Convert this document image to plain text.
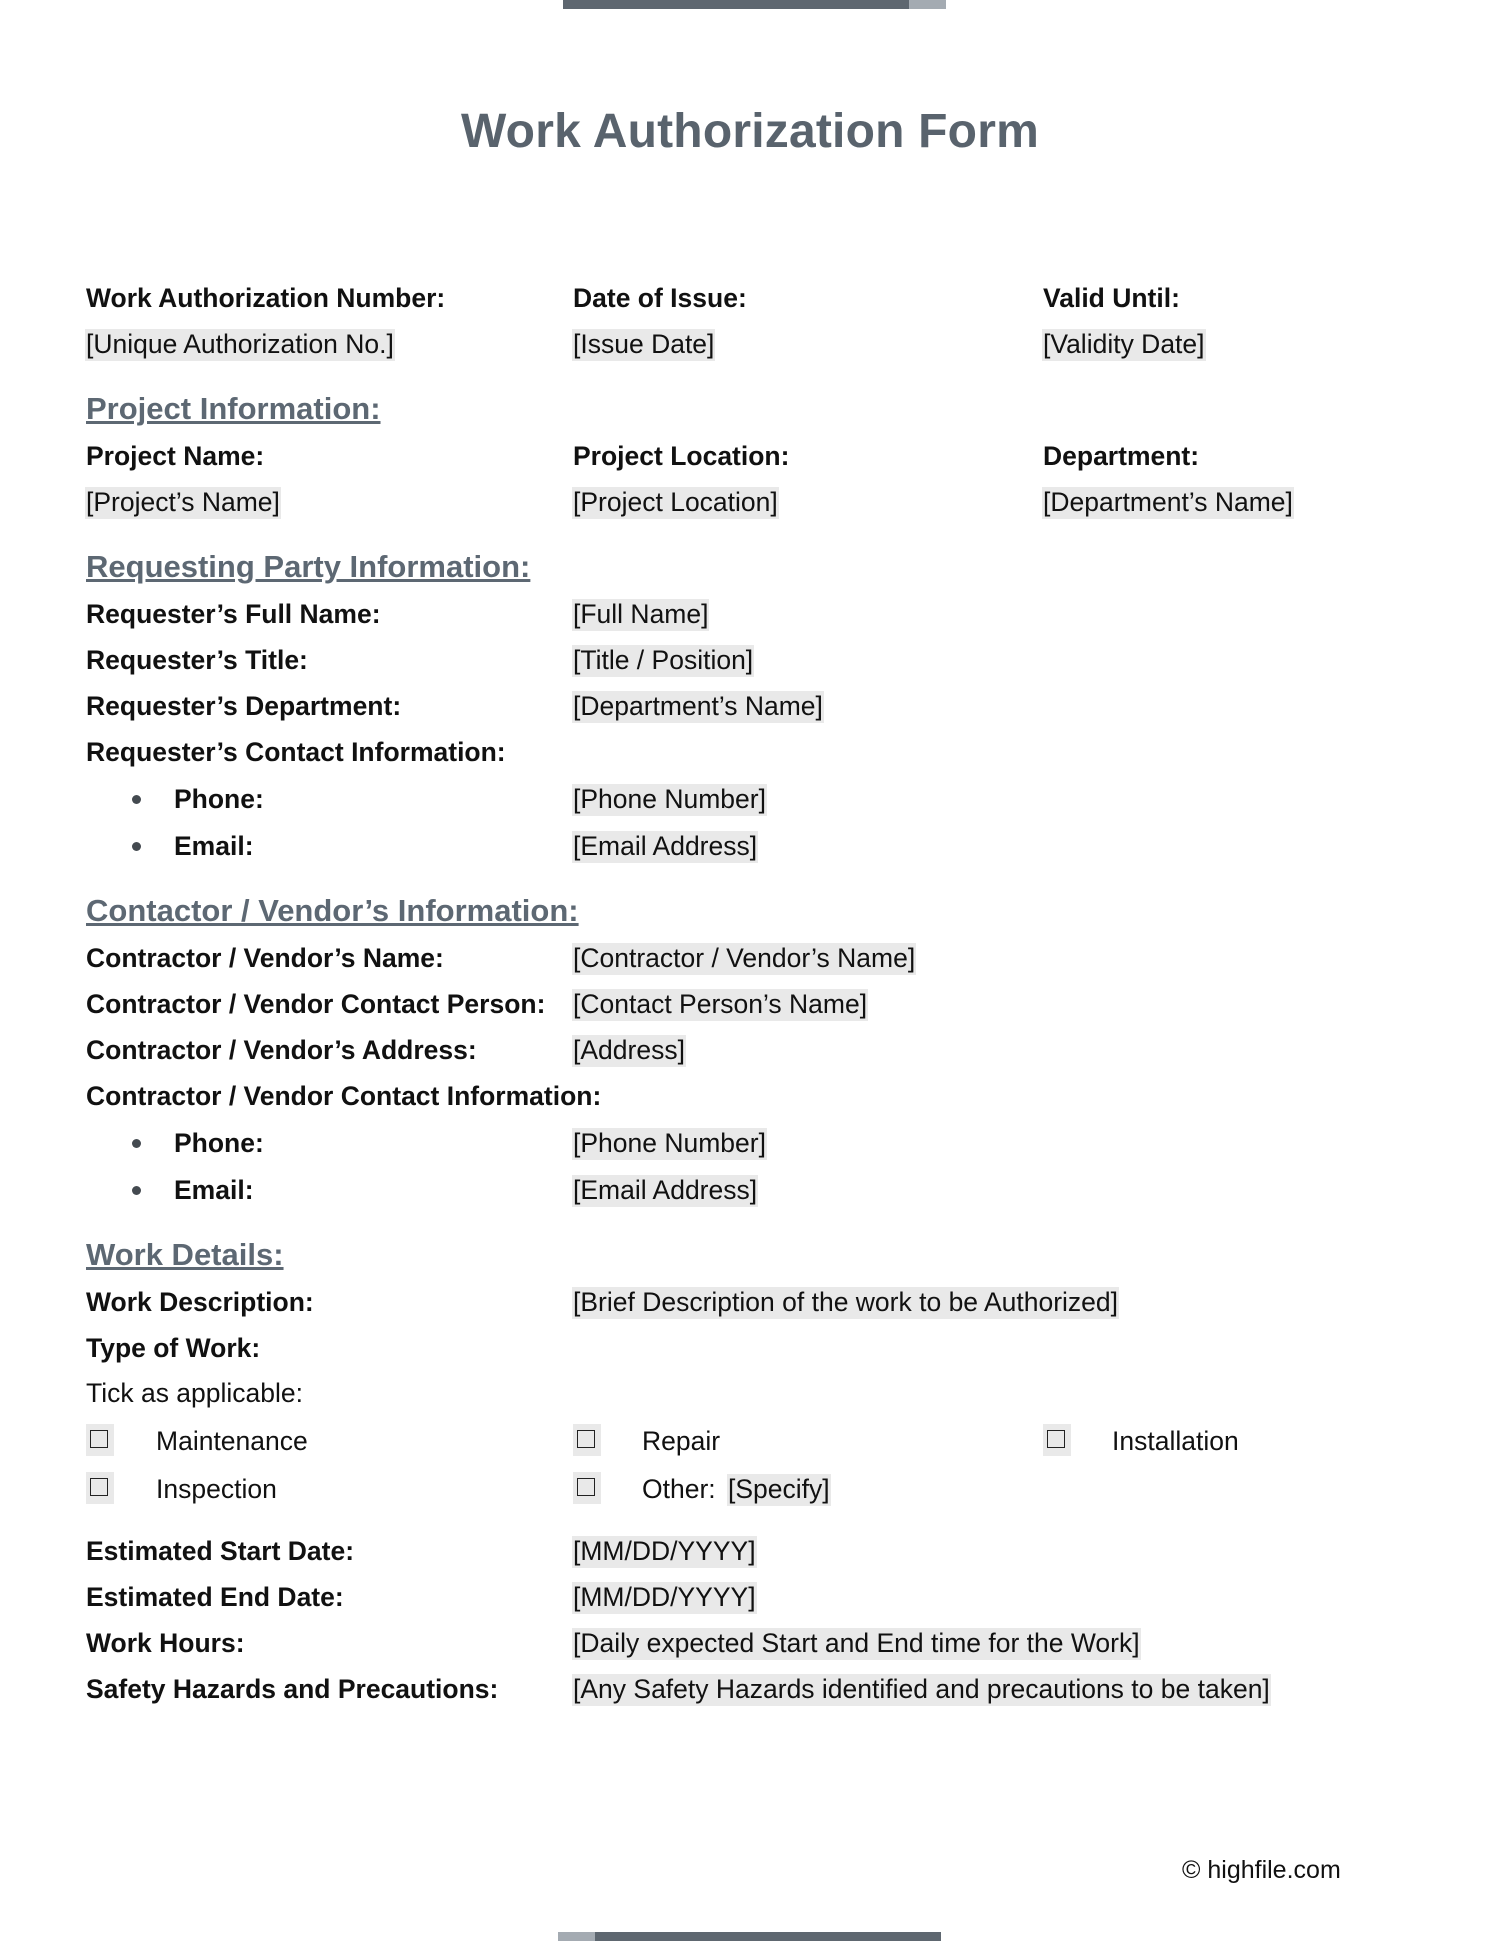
Work Authorization Form
Work Authorization Number:
[Unique Authorization No.]
Date of Issue:
[Issue Date]
Valid Until:
[Validity Date]
Project Information:
Project Name:
[Project’s Name]
Project Location:
[Project Location]
Department:
[Department’s Name]
Requesting Party Information:
Requester’s Full Name:	[Full Name]
Requester’s Title:	[Title / Position]
Requester’s Department:	[Department’s Name]
Requester’s Contact Information:
Phone:	[Phone Number]
Email:	[Email Address]
Contactor / Vendor’s Information:
Contractor / Vendor’s Name:	[Contractor / Vendor’s Name]
Contractor / Vendor Contact Person: [Contact Person’s Name]
Contractor / Vendor’s Address:	[Address]
Contractor / Vendor Contact Information:
Phone:	[Phone Number]
Email:	[Email Address]
Work Details:
Work Description:	[Brief Description of the work to be Authorized]
Type of Work:
Tick as applicable:
Maintenance	Repair	Installation
Inspection	Other: [Specify]
Estimated Start Date:	[MM/DD/YYYY]
Estimated End Date:	[MM/DD/YYYY]
Work Hours:	[Daily expected Start and End time for the Work]
Safety Hazards and Precautions:	[Any Safety Hazards identified and precautions to be taken]
© highfile.com
